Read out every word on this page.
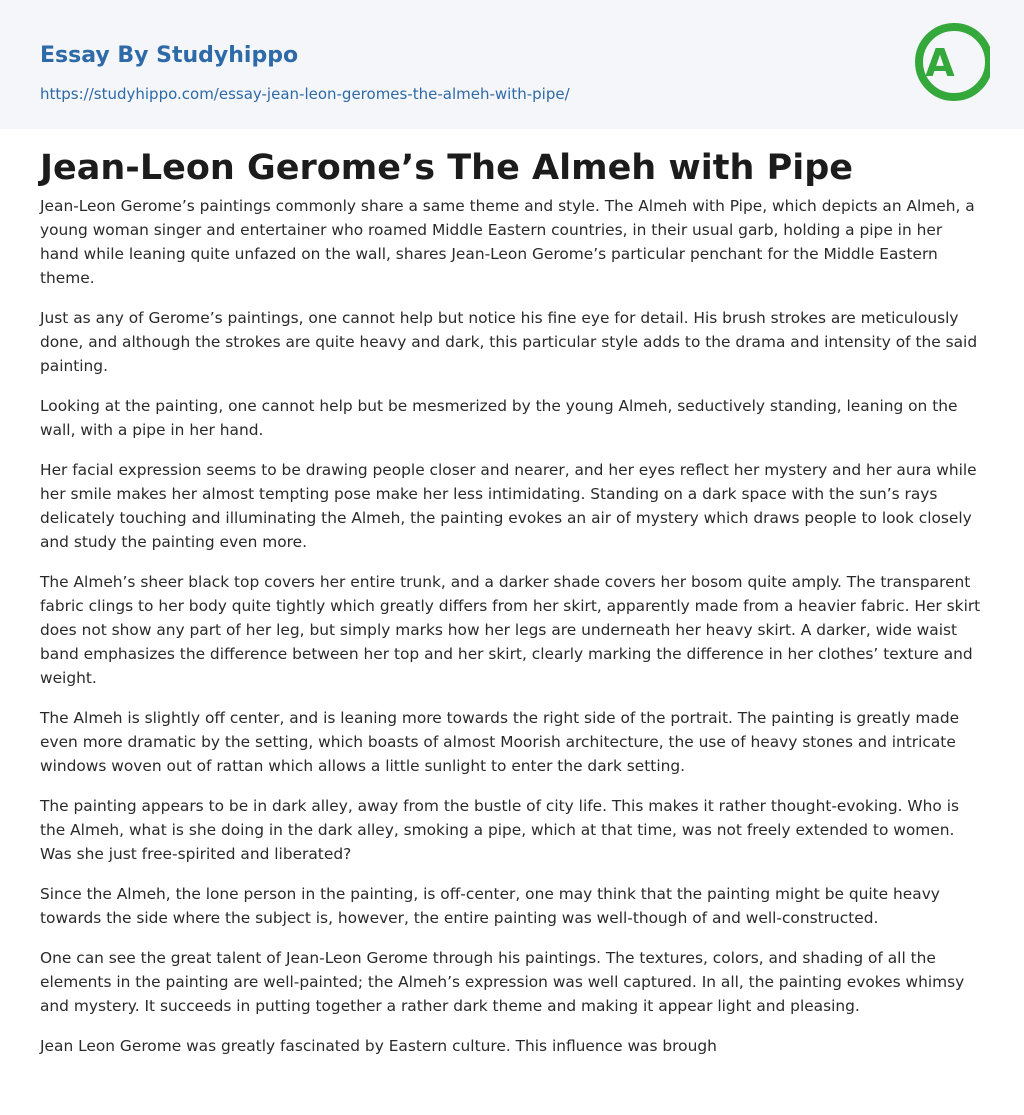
Essay By Studyhippo
https://studyhippo.com/essay-jean-leon-geromes-the-almeh-with-pipe/
A
Jean-Leon Gerome’s The Almeh with Pipe

Jean-Leon Gerome’s paintings commonly share a same theme and style. The Almeh with Pipe, which depicts an Almeh, a young woman singer and entertainer who roamed Middle Eastern countries, in their usual garb, holding a pipe in her hand while leaning quite unfazed on the wall, shares Jean-Leon Gerome’s particular penchant for the Middle Eastern theme.

Just as any of Gerome’s paintings, one cannot help but notice his fine eye for detail. His brush strokes are meticulously done, and although the strokes are quite heavy and dark, this particular style adds to the drama and intensity of the said painting.

Looking at the painting, one cannot help but be mesmerized by the young Almeh, seductively standing, leaning on the wall, with a pipe in her hand.

Her facial expression seems to be drawing people closer and nearer, and her eyes reflect her mystery and her aura while her smile makes her almost tempting pose make her less intimidating. Standing on a dark space with the sun’s rays delicately touching and illuminating the Almeh, the painting evokes an air of mystery which draws people to look closely and study the painting even more.

The Almeh’s sheer black top covers her entire trunk, and a darker shade covers her bosom quite amply. The transparent fabric clings to her body quite tightly which greatly differs from her skirt, apparently made from a heavier fabric. Her skirt does not show any part of her leg, but simply marks how her legs are underneath her heavy skirt. A darker, wide waist band emphasizes the difference between her top and her skirt, clearly marking the difference in her clothes’ texture and weight.

The Almeh is slightly off center, and is leaning more towards the right side of the portrait. The painting is greatly made even more dramatic by the setting, which boasts of almost Moorish architecture, the use of heavy stones and intricate windows woven out of rattan which allows a little sunlight to enter the dark setting.

The painting appears to be in dark alley, away from the bustle of city life. This makes it rather thought-evoking. Who is the Almeh, what is she doing in the dark alley, smoking a pipe, which at that time, was not freely extended to women. Was she just free-spirited and liberated?

Since the Almeh, the lone person in the painting, is off-center, one may think that the painting might be quite heavy towards the side where the subject is, however, the entire painting was well-though of and well-constructed.

One can see the great talent of Jean-Leon Gerome through his paintings. The textures, colors, and shading of all the elements in the painting are well-painted; the Almeh’s expression was well captured. In all, the painting evokes whimsy and mystery. It succeeds in putting together a rather dark theme and making it appear light and pleasing.

Jean Leon Gerome was greatly fascinated by Eastern culture. This influence was brough
